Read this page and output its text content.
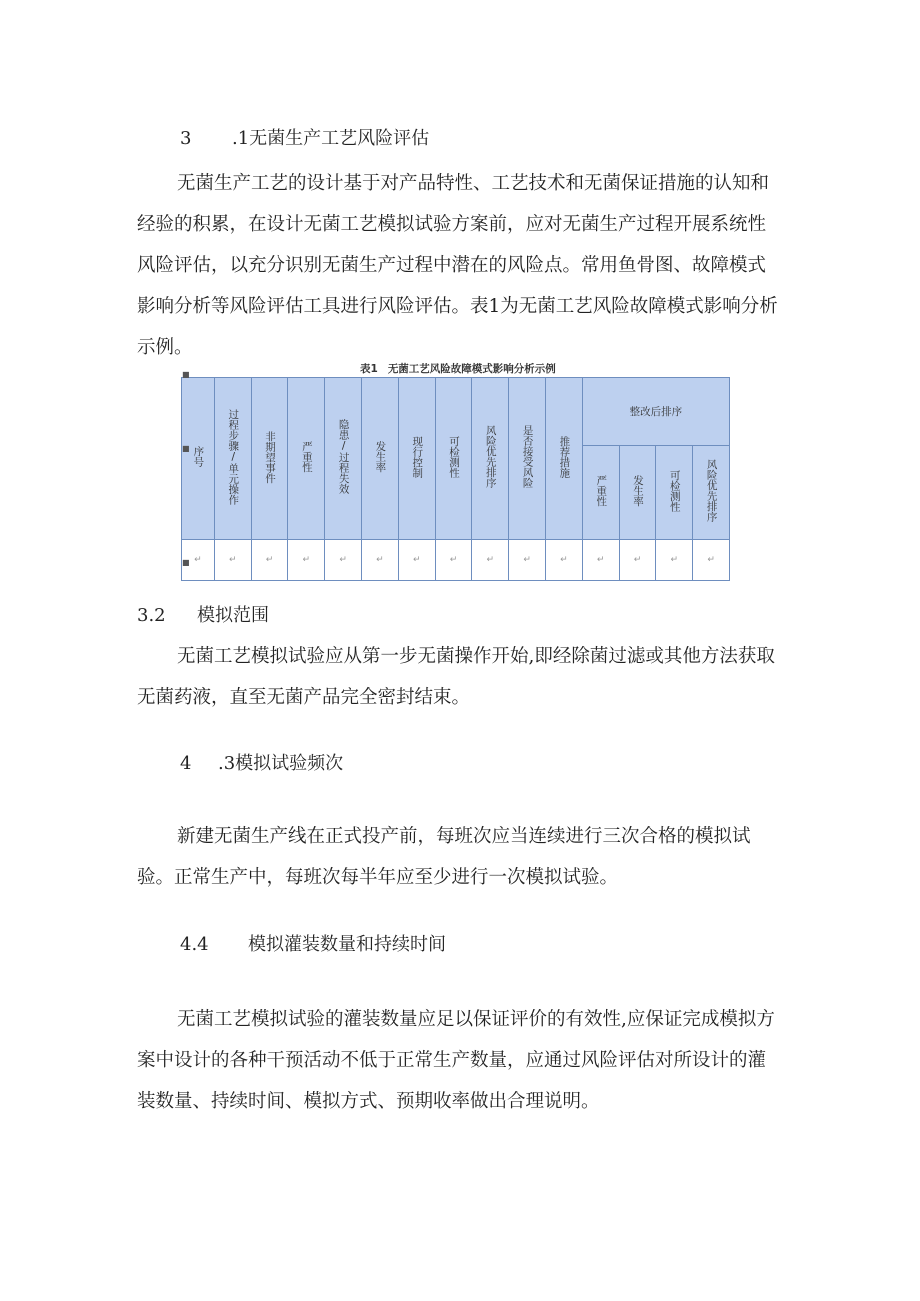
3 .1无菌生产工艺风险评估

无菌生产工艺的设计基于对产品特性、工艺技术和无菌保证措施的认知和经验的积累，在设计无菌工艺模拟试验方案前，应对无菌生产过程开展系统性风险评估，以充分识别无菌生产过程中潜在的风险点。常用鱼骨图、故障模式影响分析等风险评估工具进行风险评估。表1为无菌工艺风险故障模式影响分析示例。

表1 无菌工艺风险故障模式影响分析示例
序号	过程步骤/单元操作	非期望事件	严重性	隐患/过程失效	发生率	现行控制	可检测性	风险优先排序	是否接受风险	推荐措施	整改后排序			
											严重性	发生率	可检测性	风险优先排序
↵	↵	↵	↵	↵	↵	↵	↵	↵	↵	↵	↵	↵	↵	↵
■
■
■
3.2 模拟范围

无菌工艺模拟试验应从第一步无菌操作开始,即经除菌过滤或其他方法获取无菌药液，直至无菌产品完全密封结束。

4 .3模拟试验频次

新建无菌生产线在正式投产前，每班次应当连续进行三次合格的模拟试验。正常生产中，每班次每半年应至少进行一次模拟试验。

4.4 模拟灌装数量和持续时间

无菌工艺模拟试验的灌装数量应足以保证评价的有效性,应保证完成模拟方案中设计的各种干预活动不低于正常生产数量，应通过风险评估对所设计的灌装数量、持续时间、模拟方式、预期收率做出合理说明。
